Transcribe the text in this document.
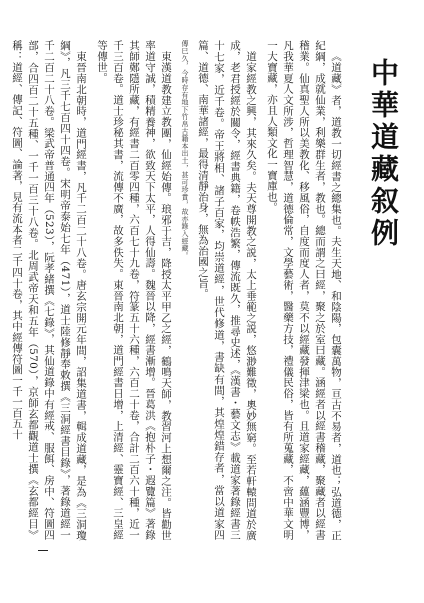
中華道藏叙例

《道藏》者，道教一切經書之總集也。夫生天地、和陰陽，包囊萬物，亘古不易者，道也；弘道德，正紀綱，成就仙業，利樂群生者，教也。總而謂之曰經，聚之於室曰藏。涵經者以經書稽藏，聚藏者以經書稽業。仙真聖人所以美教化、移風俗，自度而度人者，莫不以經藏發揮津梁也。且道家經藏，蘊涵豐博，凡我華夏人文所涉，哲理智慧，道德倫常，文學藝術，醫藥方技，禮儀民俗，皆有所蒐藏，不啻中華文明一大寶藏，亦且人類文化一寶庫也。

道家經教之興，其來久矣。夫天尊開教之説，太上垂範之説，悠渺難徵，奧妙無窮。至若軒轅問道於廣成，老君授經於關令，經書典籍，卷帙浩繁，傳流既久，推尋史述，《漢書・藝文志》載道家著錄經書三十七家，近千卷。帝王將相、諸子百家，均崇道經，世代修道，書缺有間，其煌煌錯存者，當以道家四篇、道德、南華諸經，最得清靜治身，無為治國之旨。

傳巳久，今時存有地下竹帛古籍本出土，甚可珍貴，故亦錄入經藏。

東漢道教建立教團，仙經始傳。琅邪于吉，降授太平甲乙之經，鶴鳴天師，教習河上想爾之注。皆勸世率道守誠，積精養神，欲致天下太平，人得仙壽。魏晉以降，經書漸增。晉葛洪《抱朴子・遐覽篇》著錄其師鄭隱所藏，有經書二百零四種，六百七十九卷，符篆五十六種，六百二十卷，合計二百六十種，近一千三百卷。道士珍秘其書，流傳不廣，故多佚失。東晉南北朝，道門經書日增，上清經、靈寶經、三皇經等傳世。

東晉南北朝時，道門經書，凡千二百二十八卷。唐玄宗開元年間，詔集道書，輯成道藏，是為《三洞瓊綱》，凡三千七百四十四卷。宋明帝泰始七年（471），道士陸修靜奉敕撰《三洞經書目錄》，著錄道經一千二百二十八卷。梁武帝普通四年（523），阮孝緒撰《七錄》，其仙道錄中有經戒、服餌、房中、符圖四部，合四百二十五種、一千一百三十八卷。北周武帝天和五年（570），京師玄都觀道士撰《玄都經目》稱：道經、傳記、符圖、論著，見有流本者二千四十卷，其中經傳符圖一千一百五十
